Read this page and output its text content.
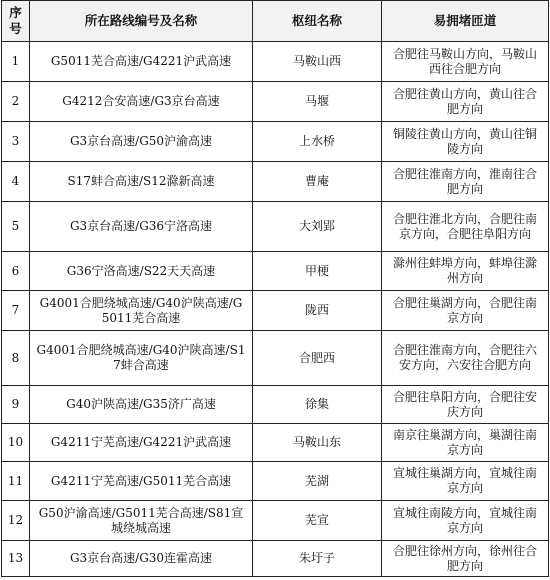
序号	所在路线编号及名称	枢纽名称	易拥堵匝道
1	G5011芜合高速/G4221沪武高速	马鞍山西	合肥往马鞍山方向，马鞍山西往合肥方向
2	G4212合安高速/G3京台高速	马堰	合肥往黄山方向，黄山往合肥方向
3	G3京台高速/G50沪渝高速	上水桥	铜陵往黄山方向，黄山往铜陵方向
4	S17蚌合高速/S12滁新高速	曹庵	合肥往淮南方向，淮南往合肥方向
5	G3京台高速/G36宁洛高速	大刘郢	合肥往淮北方向，合肥往南京方向，合肥往阜阳方向
6	G36宁洛高速/S22天天高速	甲梗	滁州往蚌埠方向，蚌埠往滁州方向
7	G4001合肥绕城高速/G40沪陕高速/G5011芜合高速	陇西	合肥往巢湖方向，合肥往南京方向
8	G4001合肥绕城高速/G40沪陕高速/S17蚌合高速	合肥西	合肥往淮南方向，合肥往六安方向，六安往合肥方向
9	G40沪陕高速/G35济广高速	徐集	合肥往阜阳方向，合肥往安庆方向
10	G4211宁芜高速/G4221沪武高速	马鞍山东	南京往巢湖方向，巢湖往南京方向
11	G4211宁芜高速/G5011芜合高速	芜湖	宣城往巢湖方向，宣城往南京方向
12	G50沪渝高速/G5011芜合高速/S81宣城绕城高速	芜宣	宣城往南陵方向，宣城往南京方向
13	G3京台高速/G30连霍高速	朱圩子	合肥往徐州方向，徐州往合肥方向
